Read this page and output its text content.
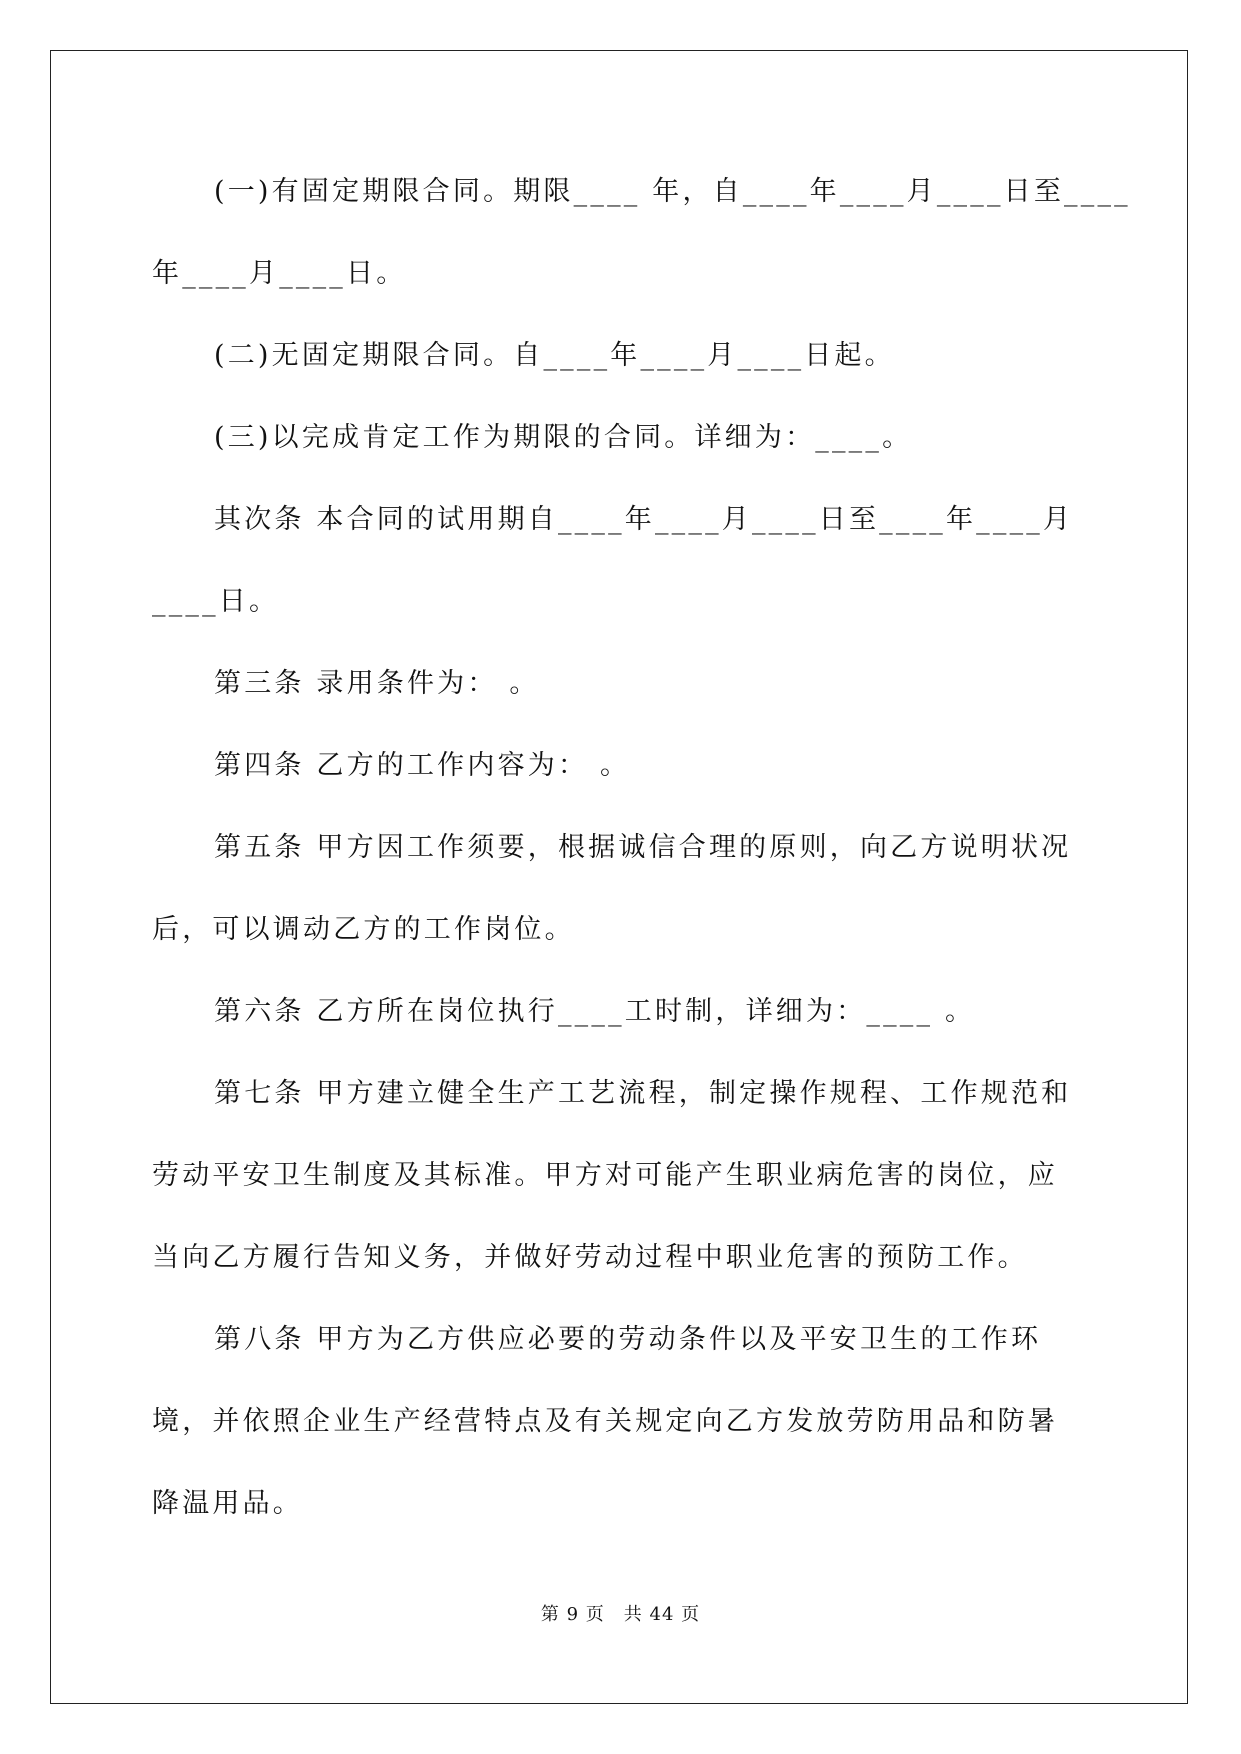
(一)有固定期限合同。期限____ 年，自____年____月____日至____
年____月____日。
(二)无固定期限合同。自____年____月____日起。
(三)以完成肯定工作为期限的合同。详细为：____。
其次条 本合同的试用期自____年____月____日至____年____月
____日。
第三条 录用条件为： 。
第四条 乙方的工作内容为： 。
第五条 甲方因工作须要，根据诚信合理的原则，向乙方说明状况
后，可以调动乙方的工作岗位。
第六条 乙方所在岗位执行____工时制，详细为：____ 。
第七条 甲方建立健全生产工艺流程，制定操作规程、工作规范和
劳动平安卫生制度及其标准。甲方对可能产生职业病危害的岗位，应
当向乙方履行告知义务，并做好劳动过程中职业危害的预防工作。
第八条 甲方为乙方供应必要的劳动条件以及平安卫生的工作环
境，并依照企业生产经营特点及有关规定向乙方发放劳防用品和防暑
降温用品。
第 9 页　共 44 页
